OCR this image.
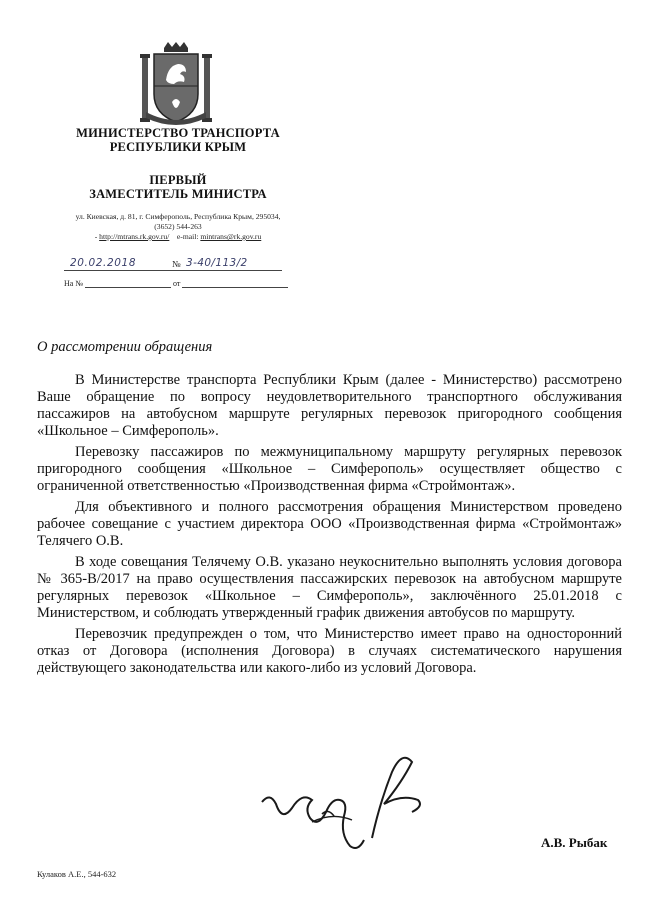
МИНИСТЕРСТВО ТРАНСПОРТА
РЕСПУБЛИКИ КРЫМ
ПЕРВЫЙ
ЗАМЕСТИТЕЛЬ МИНИСТРА
ул. Киевская, д. 81, г. Симферополь, Республика Крым, 295034,
(3652) 544-263
- http://mtrans.rk.gov.ru/ e-mail: mintrans@rk.gov.ru
20.02.2018	№ 3-40/113/2
На №	от
О рассмотрении обращения

В Министерстве транспорта Республики Крым (далее - Министерство) рассмотрено Ваше обращение по вопросу неудовлетворительного транспортного обслуживания пассажиров на автобусном маршруте регулярных перевозок пригородного сообщения «Школьное – Симферополь».

Перевозку пассажиров по межмуниципальному маршруту регулярных перевозок пригородного сообщения «Школьное – Симферополь» осуществляет общество с ограниченной ответственностью «Производственная фирма «Строймонтаж».

Для объективного и полного рассмотрения обращения Министерством проведено рабочее совещание с участием директора ООО «Производственная фирма «Строймонтаж» Телячего О.В.

В ходе совещания Телячему О.В. указано неукоснительно выполнять условия договора № 365-В/2017 на право осуществления пассажирских перевозок на автобусном маршруте регулярных перевозок «Школьное – Симферополь», заключённого 25.01.2018 с Министерством, и соблюдать утвержденный график движения автобусов по маршруту.

Перевозчик предупрежден о том, что Министерство имеет право на односторонний отказ от Договора (исполнения Договора) в случаях систематического нарушения действующего законодательства или какого-либо из условий Договора.

А.В. Рыбак
Кулаков А.Е., 544-632
